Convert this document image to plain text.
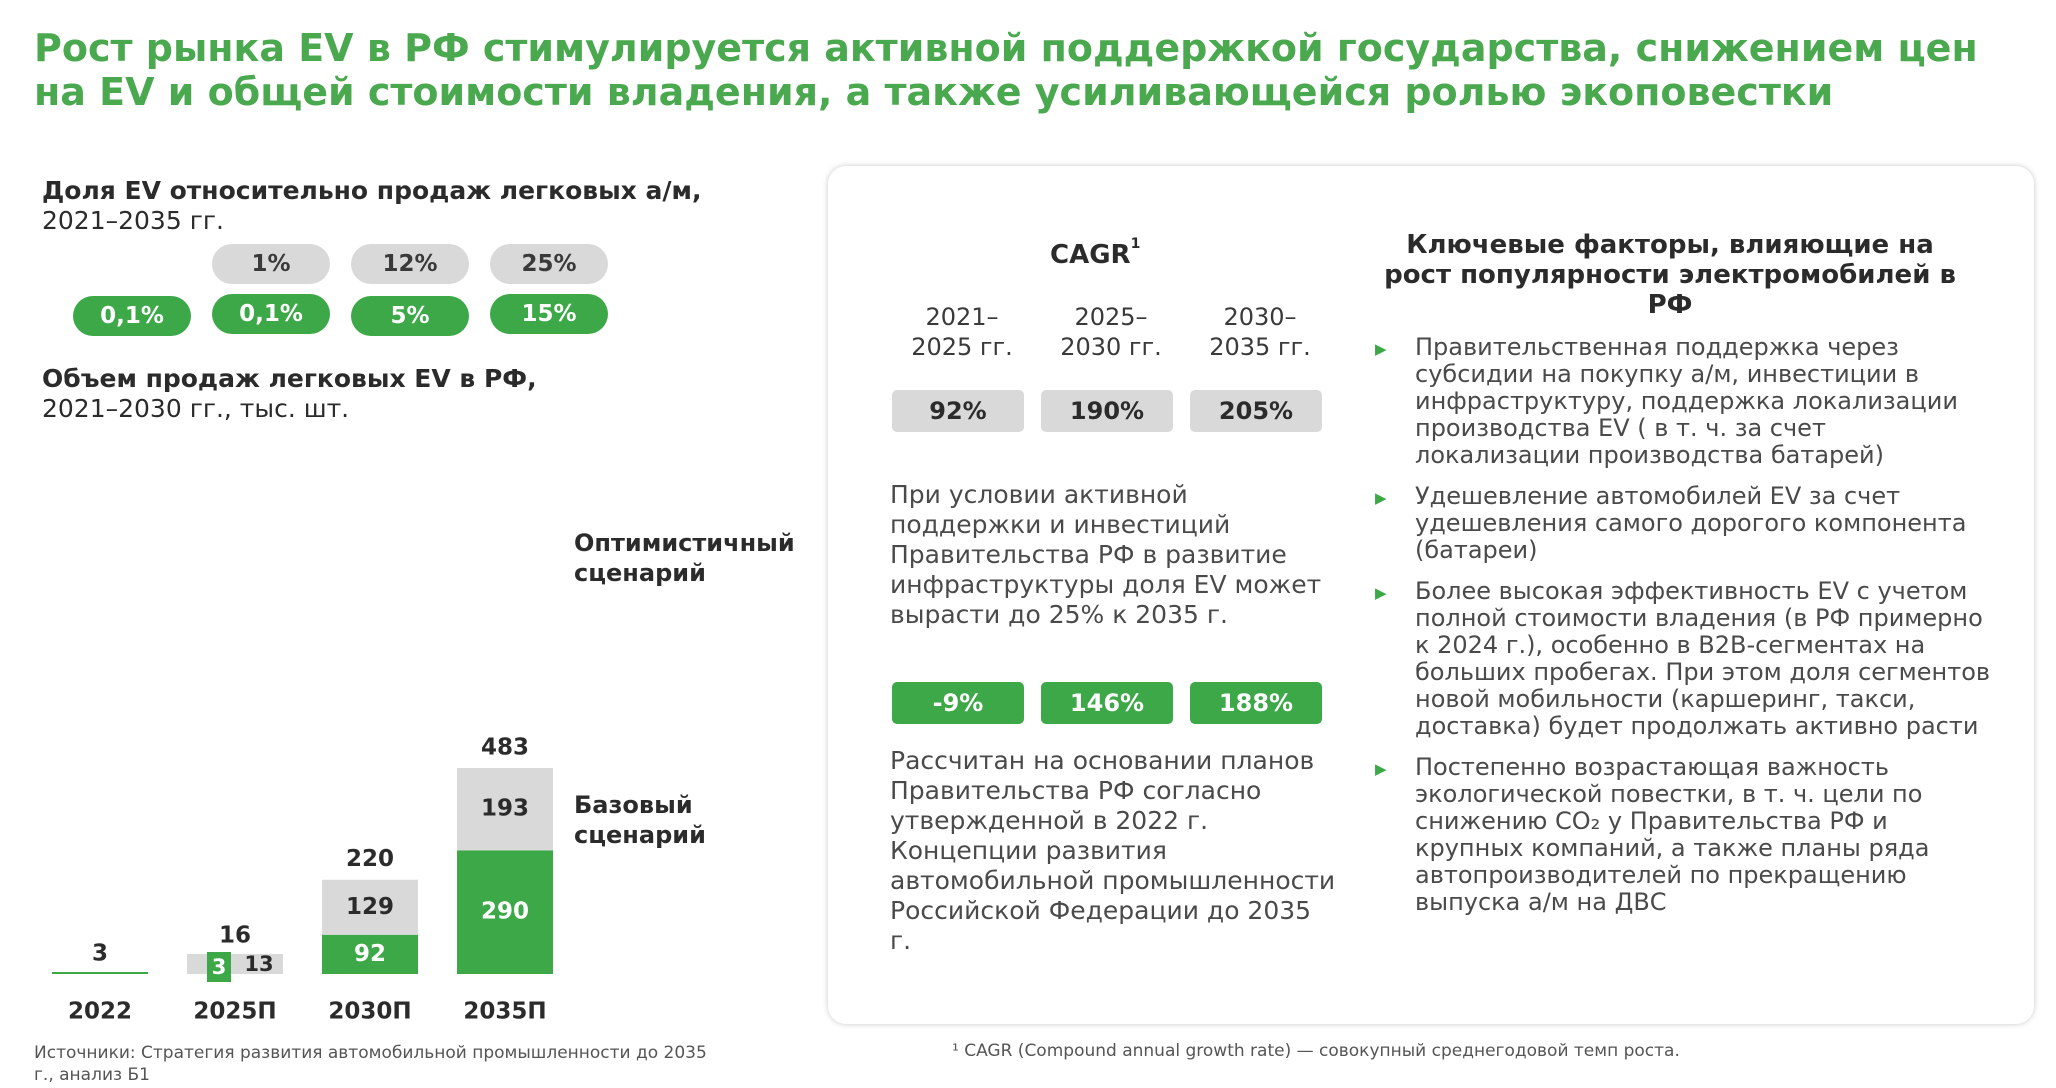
Рост рынка EV в РФ стимулируется активной поддержкой государства, снижением цен на EV и общей стоимости владения, а также усиливающейся ролью экоповестки
Доля EV относительно продаж легковых а/м,
2021–2035 гг.
1%	12%	25%
0,1%	0,1%	5%	15%
Объем продаж легковых EV в РФ,
2021–2030 гг., тыс. шт.
3
2022
3 13
16
2025П
92
129
220
2030П
290
193
483
2035П
Оптимистичный сценарий
Базовый сценарий
CAGR$^1$
2021–
2025 гг.
2025–
2030 гг.
2030–
2035 гг.
92%	190%	205%
При условии активной поддержки и инвестиций Правительства РФ в развитие инфраструктуры доля EV может вырасти до 25% к 2035 г.
-9%	146%	188%
Рассчитан на основании планов Правительства РФ согласно утвержденной в 2022 г. Концепции развития автомобильной промышленности Российской Федерации до 2035 г.
Ключевые факторы, влияющие на рост популярности электромобилей в РФ
▶ Правительственная поддержка через субсидии на покупку а/м, инвестиции в инфраструктуру, поддержка локализации производства EV ( в т. ч. за счет локализации производства батарей)
▶ Удешевление автомобилей EV за счет удешевления самого дорогого компонента (батареи)
▶ Более высокая эффективность EV с учетом полной стоимости владения (в РФ примерно к 2024 г.), особенно в B2B-сегментах на больших пробегах. При этом доля сегментов новой мобильности (каршеринг, такси, доставка) будет продолжать активно расти
▶ Постепенно возрастающая важность экологической повестки, в т. ч. цели по снижению CO₂ у Правительства РФ и крупных компаний, а также планы ряда автопроизводителей по прекращению выпуска а/м на ДВС
Источники: Стратегия развития автомобильной промышленности до 2035 г., анализ Б1
¹ CAGR (Compound annual growth rate) — совокупный среднегодовой темп роста.
